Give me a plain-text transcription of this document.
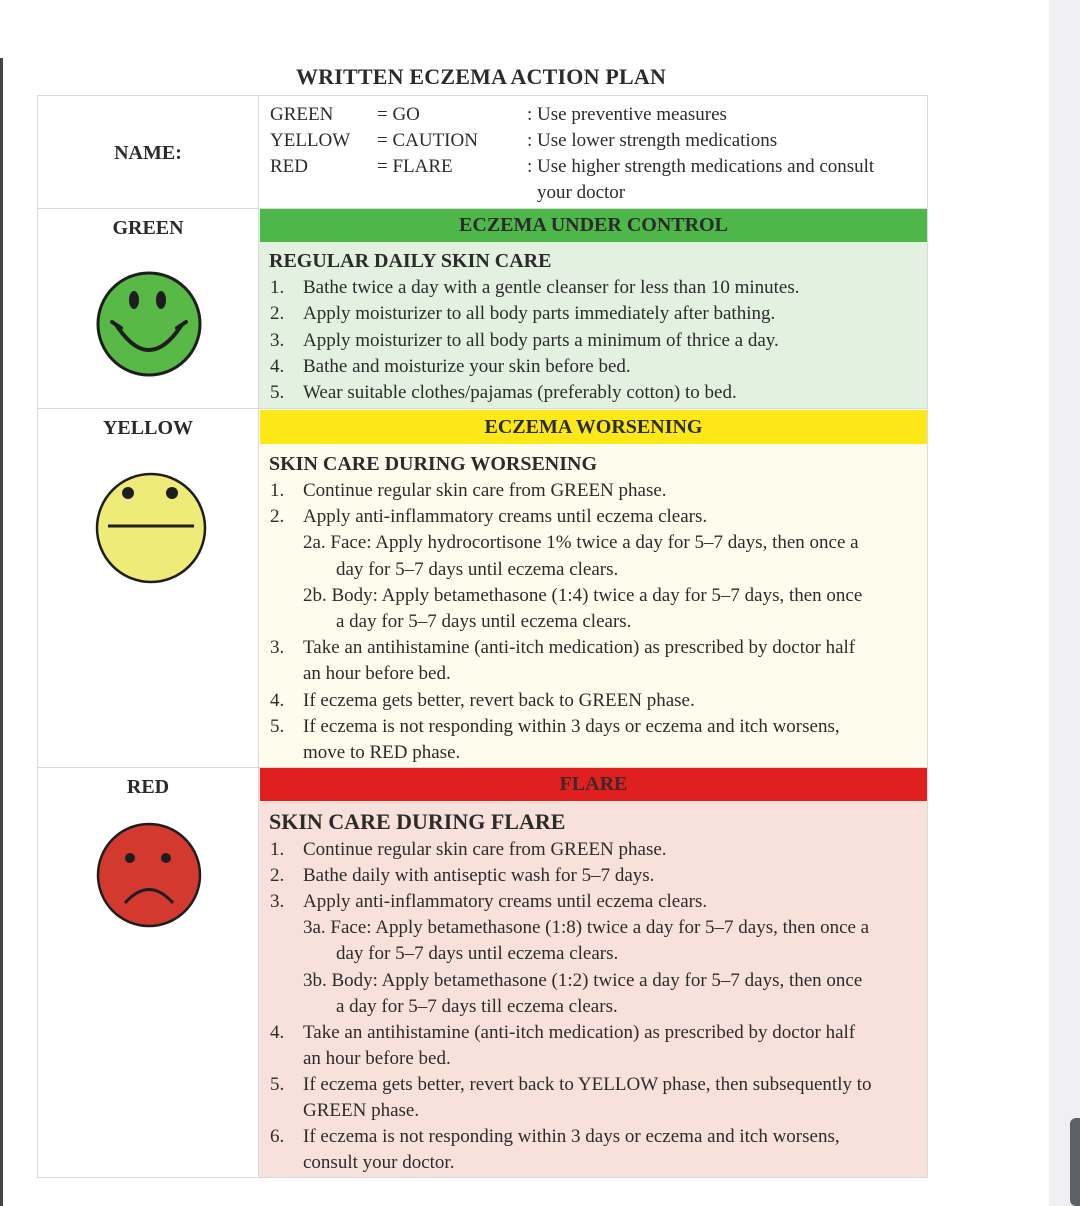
WRITTEN ECZEMA ACTION PLAN
NAME:
GREEN = GO	: Use preventive measures
YELLOW = CAUTION	: Use lower strength medications
RED	= FLARE	: Use higher strength medications and consult
your doctor
GREEN	ECZEMA UNDER CONTROL
REGULAR DAILY SKIN CARE
1. Bathe twice a day with a gentle cleanser for less than 10 minutes.
2. Apply moisturizer to all body parts immediately after bathing.
3. Apply moisturizer to all body parts a minimum of thrice a day.
4. Bathe and moisturize your skin before bed.
5. Wear suitable clothes/pajamas (preferably cotton) to bed.
YELLOW	ECZEMA WORSENING
SKIN CARE DURING WORSENING
1. Continue regular skin care from GREEN phase.
2. Apply anti-inflammatory creams until eczema clears.
2a. Face: Apply hydrocortisone 1% twice a day for 5–7 days, then once a
day for 5–7 days until eczema clears.
2b. Body: Apply betamethasone (1:4) twice a day for 5–7 days, then once
a day for 5–7 days until eczema clears.
3. Take an antihistamine (anti-itch medication) as prescribed by doctor half
an hour before bed.
4. If eczema gets better, revert back to GREEN phase.
5. If eczema is not responding within 3 days or eczema and itch worsens,
move to RED phase.
RED	FLARE
SKIN CARE DURING FLARE
1. Continue regular skin care from GREEN phase.
2. Bathe daily with antiseptic wash for 5–7 days.
3. Apply anti-inflammatory creams until eczema clears.
3a. Face: Apply betamethasone (1:8) twice a day for 5–7 days, then once a
day for 5–7 days until eczema clears.
3b. Body: Apply betamethasone (1:2) twice a day for 5–7 days, then once
a day for 5–7 days till eczema clears.
4. Take an antihistamine (anti-itch medication) as prescribed by doctor half
an hour before bed.
5. If eczema gets better, revert back to YELLOW phase, then subsequently to
GREEN phase.
6. If eczema is not responding within 3 days or eczema and itch worsens,
consult your doctor.
